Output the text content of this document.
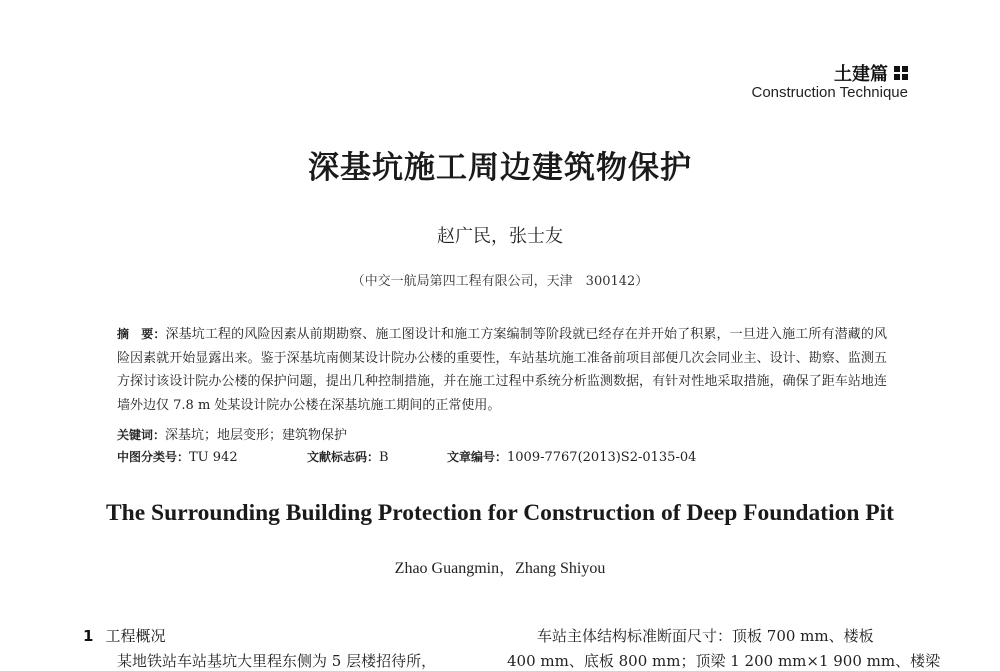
土建篇
Construction Technique
深基坑施工周边建筑物保护
赵广民，张士友
（中交一航局第四工程有限公司，天津　300142）
摘　要：深基坑工程的风险因素从前期勘察、施工图设计和施工方案编制等阶段就已经存在并开始了积累，一旦进入施工所有潜藏的风险因素就开始显露出来。鉴于深基坑南侧某设计院办公楼的重要性，车站基坑施工准备前项目部便几次会同业主、设计、勘察、监测五方探讨该设计院办公楼的保护问题，提出几种控制措施，并在施工过程中系统分析监测数据，有针对性地采取措施，确保了距车站地连墙外边仅 7.8 m 处某设计院办公楼在深基坑施工期间的正常使用。
关键词：深基坑；地层变形；建筑物保护
中图分类号：TU 942	文献标志码：B	文章编号：1009-7767(2013)S2-0135-04
The Surrounding Building Protection for Construction of Deep Foundation Pit
Zhao Guangmin，Zhang Shiyou
1 工程概况
某地铁站车站基坑大里程东侧为 5 层楼招待所，
车站主体结构标准断面尺寸：顶板 700 mm、楼板
400 mm、底板 800 mm；顶梁 1 200 mm×1 900 mm、楼梁
